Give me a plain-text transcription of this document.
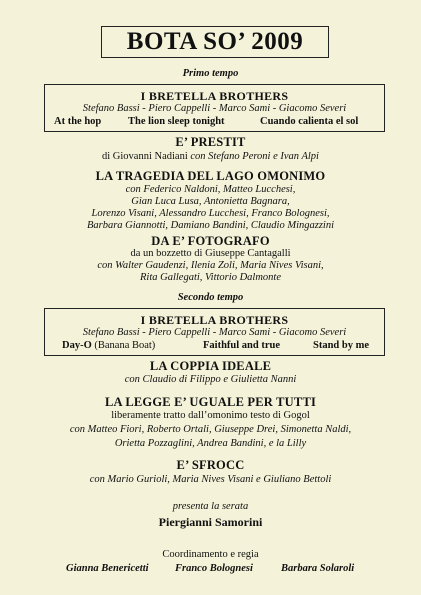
BOTA SO’ 2009
Primo tempo
I BRETELLA BROTHERS
Stefano Bassi - Piero Cappelli - Marco Sami - Giacomo Severi
At the hop	The lion sleep tonight	Cuando calienta el sol
E’ PRESTIT
di Giovanni Nadiani con Stefano Peroni e Ivan Alpi
LA TRAGEDIA DEL LAGO OMONIMO
con Federico Naldoni, Matteo Lucchesi,
Gian Luca Lusa, Antonietta Bagnara,
Lorenzo Visani, Alessandro Lucchesi, Franco Bolognesi,
Barbara Giannotti, Damiano Bandini, Claudio Mingazzini
DA E’ FOTOGRAFO
da un bozzetto di Giuseppe Cantagalli
con Walter Gaudenzi, Ilenia Zoli, Maria Nives Visani,
Rita Gallegati, Vittorio Dalmonte
Secondo tempo
I BRETELLA BROTHERS
Stefano Bassi - Piero Cappelli - Marco Sami - Giacomo Severi
Day-O (Banana Boat)	Faithful and true	Stand by me
LA COPPIA IDEALE
con Claudio di Filippo e Giulietta Nanni
LA LEGGE E’ UGUALE PER TUTTI
liberamente tratto dall’omonimo testo di Gogol
con Matteo Fiori, Roberto Ortali, Giuseppe Drei, Simonetta Naldi,
Orietta Pozzaglini, Andrea Bandini, e la Lilly
E’ SFROCC
con Mario Gurioli, Maria Nives Visani e Giuliano Bettoli
presenta la serata
Piergianni Samorini
Coordinamento e regia
Gianna Benericetti	Franco Bolognesi	Barbara Solaroli
